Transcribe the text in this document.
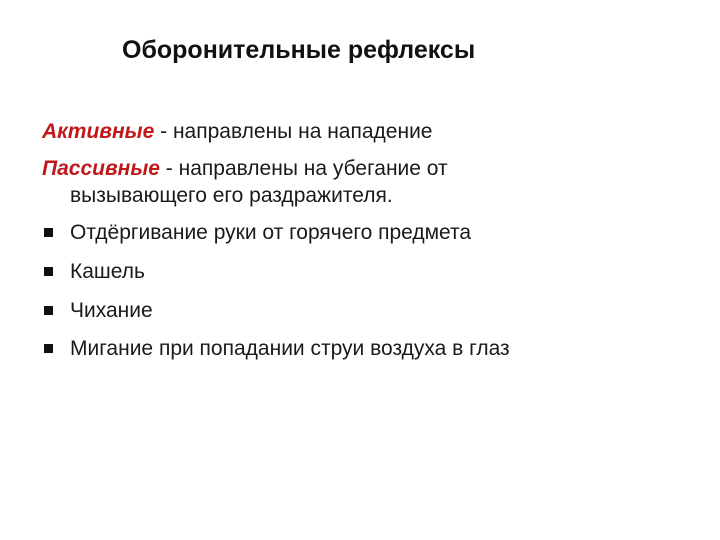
Оборонительные рефлексы

Активные - направлены на нападение

Пассивные - направлены на убегание от
вызывающего его раздражителя.

Отдёргивание руки от горячего предмета
Кашель
Чихание
Мигание при попадании струи воздуха в глаз
